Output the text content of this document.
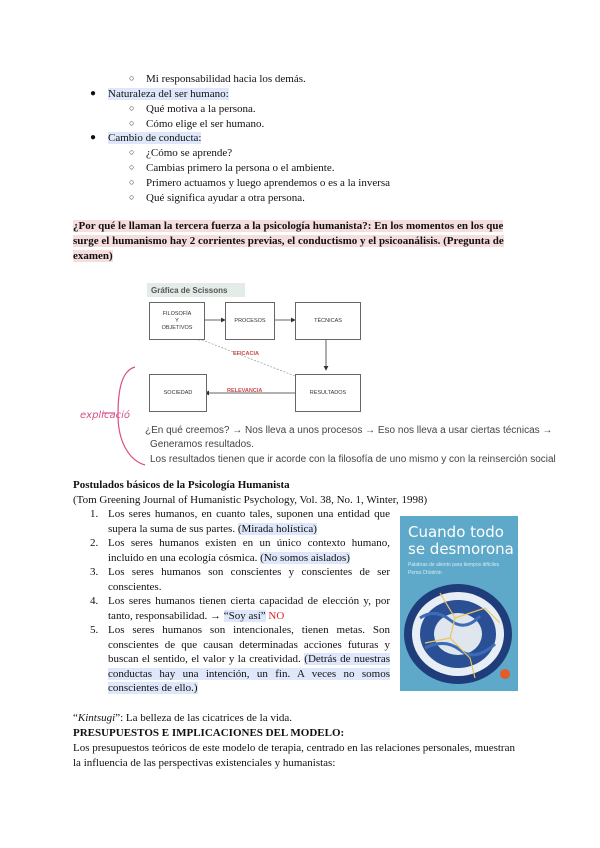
○ Mi responsabilidad hacia los demás.
● Naturaleza del ser humano:
○ Qué motiva a la persona.
○ Cómo elige el ser humano.
● Cambio de conducta:
○ ¿Cómo se aprende?
○ Cambias primero la persona o el ambiente.
○ Primero actuamos y luego aprendemos o es a la inversa
○ Qué significa ayudar a otra persona.
¿Por qué le llaman la tercera fuerza a la psicología humanista?: En los momentos en los que
surge el humanismo hay 2 corrientes previas, el conductismo y el psicoanálisis. (Pregunta de
examen)
Gráfica de Scissons
FILOSOFÍA
Y
OBJETIVOS
PROCESOS	TÉCNICAS
SOCIEDAD	RESULTADOS
EFICACIA
RELEVANCIA
explicació
¿En qué creemos? → Nos lleva a unos procesos → Eso nos lleva a usar ciertas técnicas →
Generamos resultados.
Los resultados tienen que ir acorde con la filosofía de uno mismo y con la reinserción social
Postulados básicos de la Psicología Humanista
(Tom Greening Journal of Humanistic Psychology, Vol. 38, No. 1, Winter, 1998)
1. Los seres humanos, en cuanto tales, suponen una entidad que supera la suma de sus partes. (Mirada holística)
2. Los seres humanos existen en un único contexto humano, incluido en una ecología cósmica. (No somos aislados)
3. Los seres humanos son conscientes y conscientes de ser conscientes.
4. Los seres humanos tienen cierta capacidad de elección y, por tanto, responsabilidad. → “Soy así” NO
5. Los seres humanos son intencionales, tienen metas. Son conscientes de que causan determinadas acciones futuras y buscan el sentido, el valor y la creatividad. (Detrás de nuestras conductas hay una intención, un fin. A veces no somos conscientes de ello.)
Cuando todo
se desmorona
Palabras de aliento para tiempos difíciles
Pema Chödrön
“Kintsugi”: La belleza de las cicatrices de la vida.
PRESUPUESTOS E IMPLICACIONES DEL MODELO:
Los presupuestos teóricos de este modelo de terapia, centrado en las relaciones personales, muestran
la influencia de las perspectivas existenciales y humanistas:
